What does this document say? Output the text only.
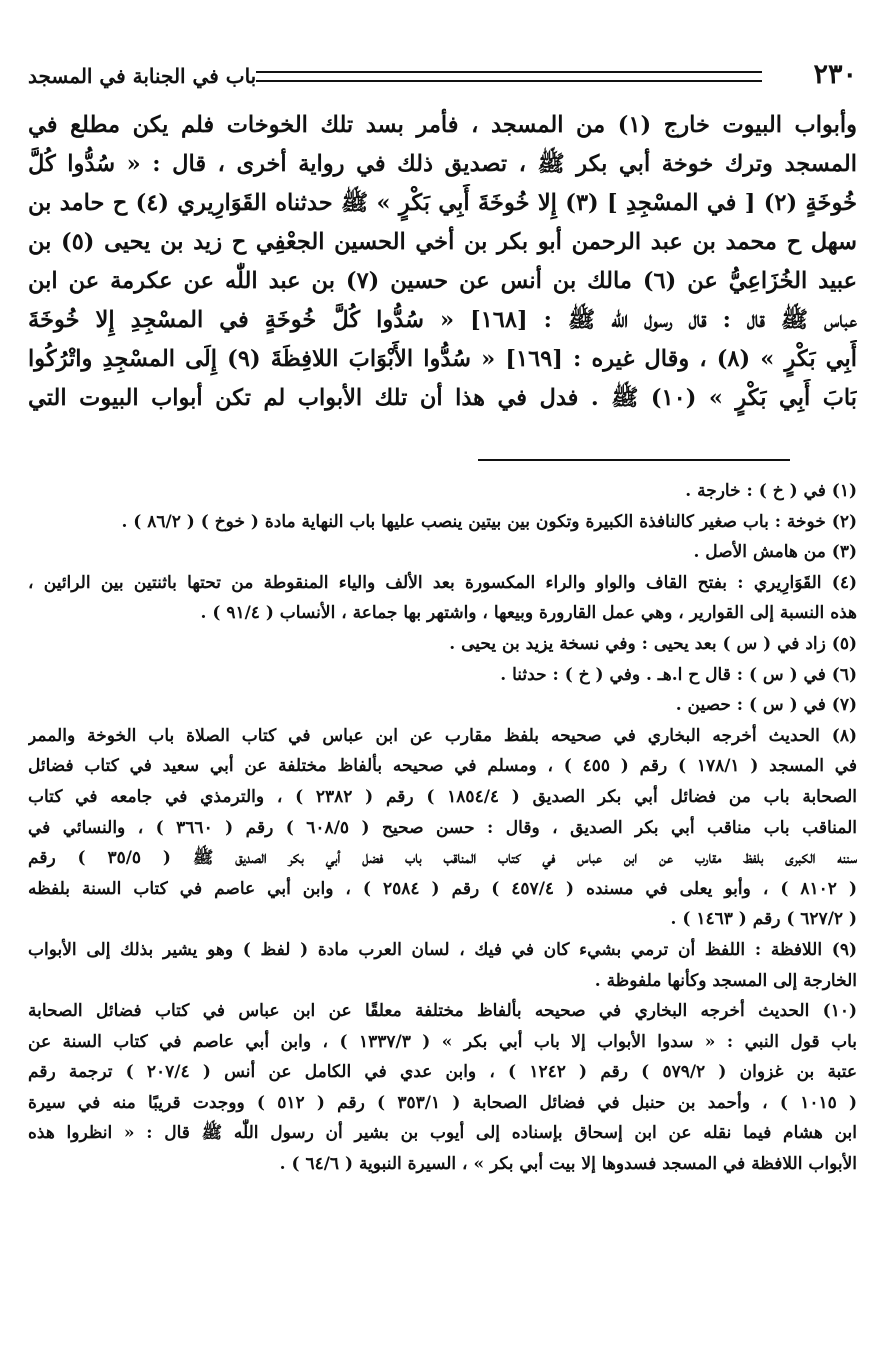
٢٣٠
باب في الجنابة في المسجد
وأبواب البيوت خارج (١) من المسجد ، فأمر بسد تلك الخوخات فلم يكن مطلع في
المسجد وترك خوخة أبي بكر ﷺ ، تصديق ذلك في رواية أخرى ، قال : « سُدُّوا كُلَّ
خُوخَةٍ (٢) [ في المسْجِدِ ] (٣) إِلا خُوخَةَ أَبِي بَكْرٍ » ﷺ حدثناه القَوَارِيري (٤) ح حامد بن
سهل ح محمد بن عبد الرحمن أبو بكر بن أخي الحسين الجعْفِي ح زيد بن يحيى (٥) بن
عبيد الخُزَاعِيُّ عن (٦) مالك بن أنس عن حسين (٧) بن عبد اللّٰه عن عكرمة عن ابن
عباس ﷺ قال : قال رسول اللّٰه ﷺ : [١٦٨] « سُدُّوا كُلَّ خُوخَةٍ في المسْجِدِ إِلا خُوخَةَ
أَبِي بَكْرٍ » (٨) ، وقال غيره : [١٦٩] « سُدُّوا الأَبْوَابَ اللافِظَةَ (٩) إِلَى المسْجِدِ واتْرُكُوا
بَابَ أَبِي بَكْرٍ » (١٠) ﷺ . فدل في هذا أن تلك الأبواب لم تكن أبواب البيوت التي
(١) في ( خ ) : خارجة .
(٢) خوخة : باب صغير كالنافذة الكبيرة وتكون بين بيتين ينصب عليها باب النهاية مادة ( خوخ ) ( ٨٦/٢ ) .
(٣) من هامش الأصل .
(٤) القَوَارِيري : بفتح القاف والواو والراء المكسورة بعد الألف والياء المنقوطة من تحتها باثنتين بين الرائين ،
هذه النسبة إلى القوارير ، وهي عمل القارورة وبيعها ، واشتهر بها جماعة ، الأنساب ( ٩١/٤ ) .
(٥) زاد في ( س ) بعد يحيى : وفي نسخة يزيد بن يحيى .
(٦) في ( س ) : قال ح ا.هـ . وفي ( خ ) : حدثنا .
(٧) في ( س ) : حصين .
(٨) الحديث أخرجه البخاري في صحيحه بلفظ مقارب عن ابن عباس في كتاب الصلاة باب الخوخة والممر
في المسجد ( ١٧٨/١ ) رقم ( ٤٥٥ ) ، ومسلم في صحيحه بألفاظ مختلفة عن أبي سعيد في كتاب فضائل
الصحابة باب من فضائل أبي بكر الصديق ( ١٨٥٤/٤ ) رقم ( ٢٣٨٢ ) ، والترمذي في جامعه في كتاب
المناقب باب مناقب أبي بكر الصديق ، وقال : حسن صحيح ( ٦٠٨/٥ ) رقم ( ٣٦٦٠ ) ، والنسائي في
سننه الكبرى بلفظ مقارب عن ابن عباس في كتاب المناقب باب فضل أبي بكر الصديق ﷺ ( ٣٥/٥ ) رقم
( ٨١٠٢ ) ، وأبو يعلى في مسنده ( ٤٥٧/٤ ) رقم ( ٢٥٨٤ ) ، وابن أبي عاصم في كتاب السنة بلفظه
( ٦٢٧/٢ ) رقم ( ١٤٦٣ ) .
(٩) اللافظة : اللفظ أن ترمي بشيء كان في فيك ، لسان العرب مادة ( لفظ ) وهو يشير بذلك إلى الأبواب
الخارجة إلى المسجد وكأنها ملفوظة .
(١٠) الحديث أخرجه البخاري في صحيحه بألفاظ مختلفة معلقًا عن ابن عباس في كتاب فضائل الصحابة
باب قول النبي : « سدوا الأبواب إلا باب أبي بكر » ( ١٣٣٧/٣ ) ، وابن أبي عاصم في كتاب السنة عن
عتبة بن غزوان ( ٥٧٩/٢ ) رقم ( ١٢٤٢ ) ، وابن عدي في الكامل عن أنس ( ٢٠٧/٤ ) ترجمة رقم
( ١٠١٥ ) ، وأحمد بن حنبل في فضائل الصحابة ( ٣٥٣/١ ) رقم ( ٥١٢ ) ووجدت قريبًا منه في سيرة
ابن هشام فيما نقله عن ابن إسحاق بإسناده إلى أيوب بن بشير أن رسول اللّٰه ﷺ قال : « انظروا هذه
الأبواب اللافظة في المسجد فسدوها إلا بيت أبي بكر » ، السيرة النبوية ( ٦٤/٦ ) .
